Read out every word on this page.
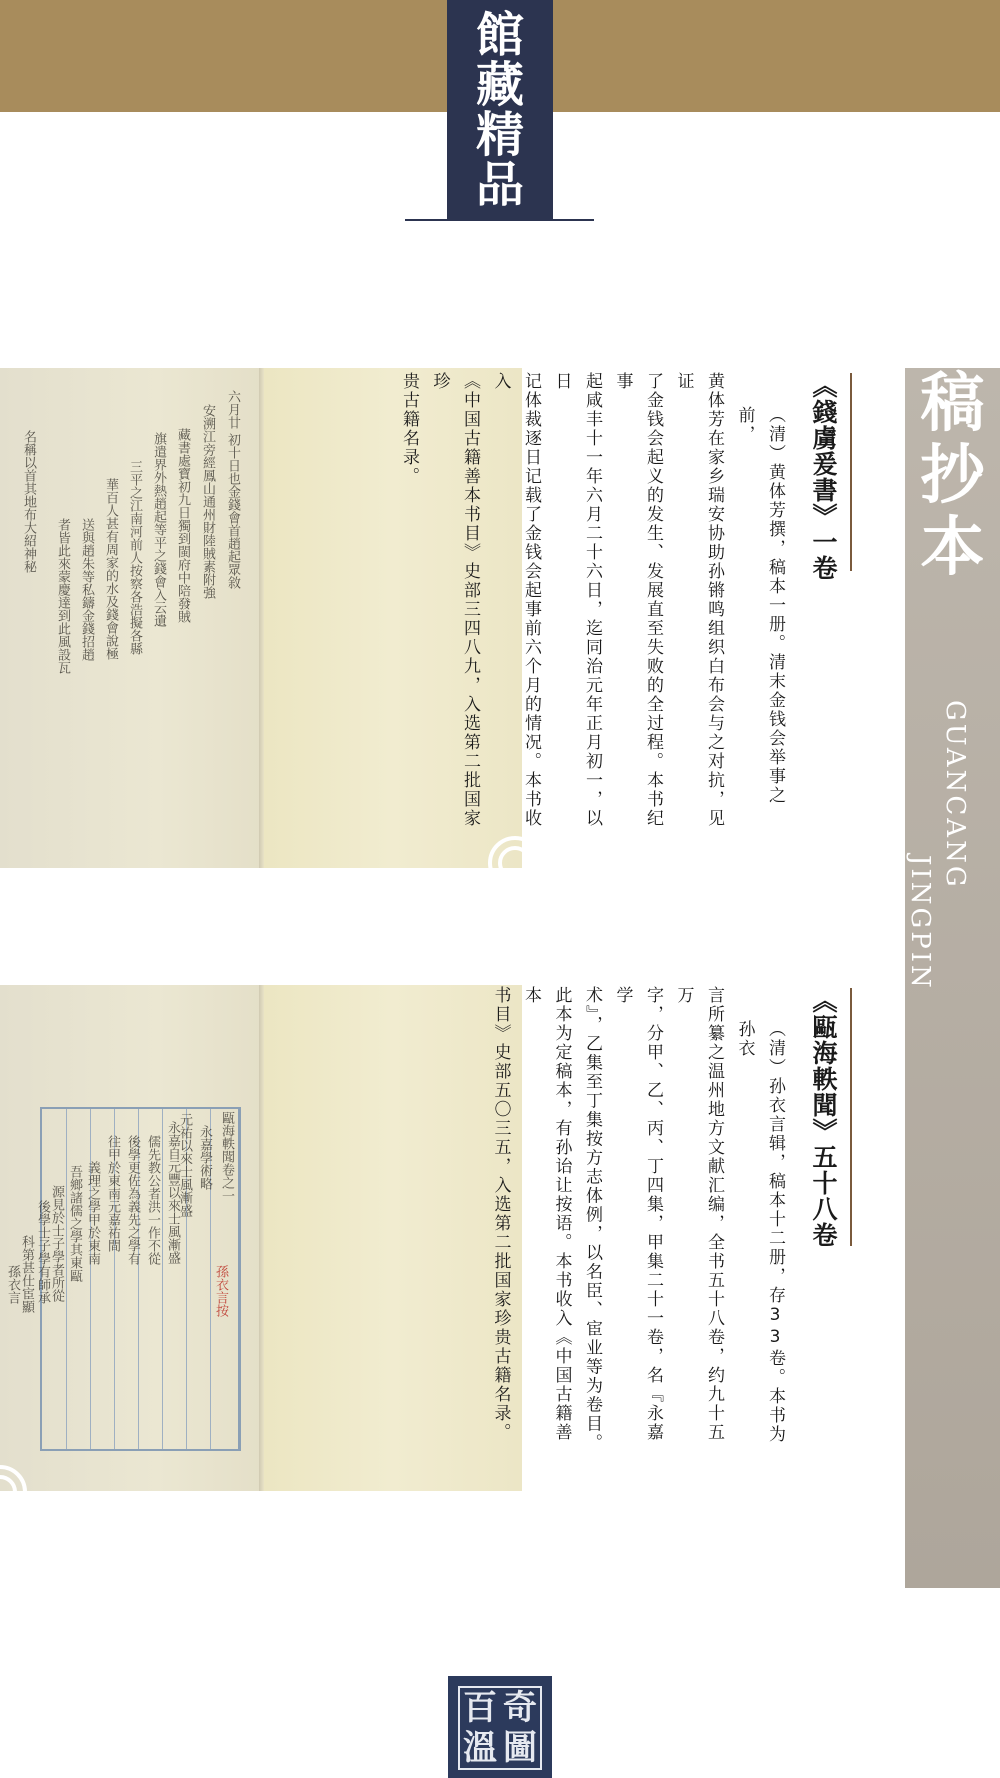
館
藏
精
品
稿
抄
本
GUANCANG
JINGPIN
六月廿 初十日也金錢會首趙起眾敘
安溯江旁經鳳山通州財陸賊素附強
藏書處寶初九日獨到閩府中陪發賊
旗遣界外熱趙起等平之錢會入云遺
三平之江南河前人按察各浩擬各縣
華百人甚有周家的水及錢會說極
送與趙朱等私鑄金錢招趙
者皆此來蒙慶達到此風設瓦
名稱以首其地布大紹神秘
甌海軼聞卷之一
永嘉學術略
元祐以來士風漸盛
永嘉自元豐以來士風漸盛
儒先教公者洪一作不從
後學更佐為義先之學有
往甲於東南元嘉祐間
義理之學甲於東南
吾鄉諸儒之學其東甌
源見於士子學者所從
後學士子學有師承
科第甚仕宦顯
孫衣言	孫衣言按
《錢虜爰書》一卷
（清）黄体芳撰，稿本一册。清末金钱会举事之前，
黄体芳在家乡瑞安协助孙锵鸣组织白布会与之对抗，见证
了金钱会起义的发生、发展直至失败的全过程。本书纪事
起咸丰十一年六月二十六日，迄同治元年正月初一，以日
记体裁逐日记载了金钱会起事前六个月的情况。本书收入
《中国古籍善本书目》史部三四八九，入选第二批国家珍
贵古籍名录。
《甌海軼聞》五十八卷
（清）孙衣言辑，稿本十二册，存33卷。本书为孙衣
言所纂之温州地方文献汇编，全书五十八卷，约九十五万
字，分甲、乙、丙、丁四集，甲集二十一卷，名『永嘉学
术』，乙集至丁集按方志体例，以名臣、宦业等为卷目。
此本为定稿本，有孙诒让按语。本书收入《中国古籍善本
书目》史部五〇三五，入选第二批国家珍贵古籍名录。
百 奇
溫 圖
